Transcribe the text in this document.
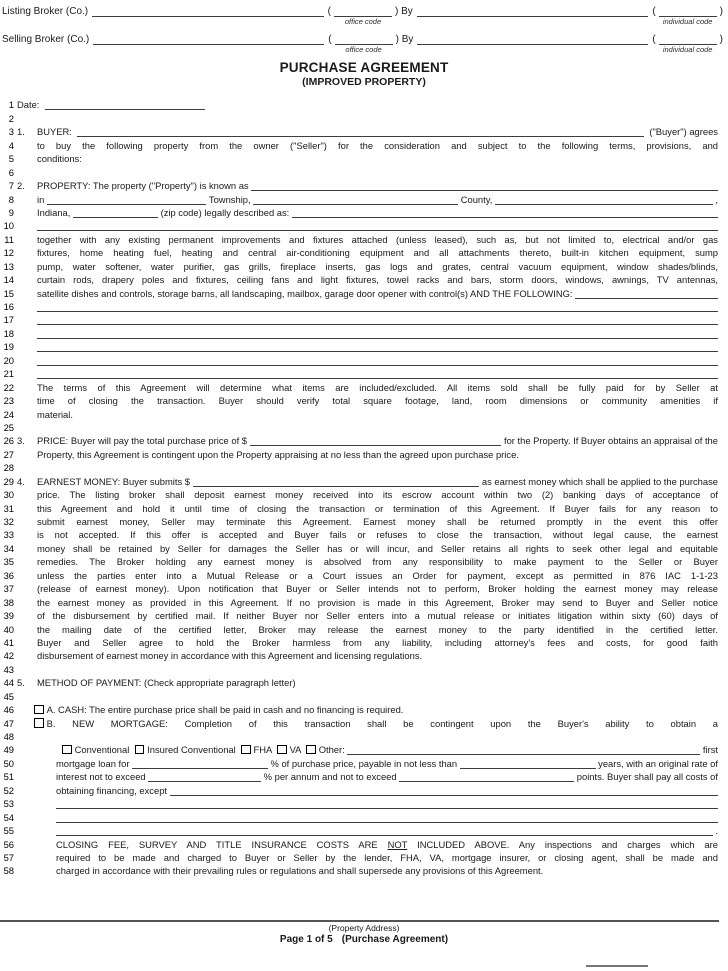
Listing Broker (Co.)	(
office code
)
By	(
individual code
)
Selling Broker (Co.)	(
office code
)
By	(
individual code
)
PURCHASE AGREEMENT
(IMPROVED PROPERTY)
1 Date:
2
3 1.	BUYER:	("Buyer") agrees
4	to buy the following property from the owner ("Seller") for the consideration and subject to the following terms, provisions, and
5	conditions:
6
7 2.	PROPERTY: The property ("Property") is known as
8 in	Township,	County,	,
9 Indiana,	(zip code) legally described as:
10
11	together with any existing permanent improvements and fixtures attached (unless leased), such as, but not limited to, electrical and/or gas
12	fixtures, home heating fuel, heating and central air-conditioning equipment and all attachments thereto, built-in kitchen equipment, sump
13	pump, water softener, water purifier, gas grills, fireplace inserts, gas logs and grates, central vacuum equipment, window shades/blinds,
14	curtain rods, drapery poles and fixtures, ceiling fans and light fixtures, towel racks and bars, storm doors, windows, awnings, TV antennas,
15 satellite dishes and controls, storage barns, all landscaping, mailbox, garage door opener with control(s) AND THE FOLLOWING:
16
17
18
19
20
21
22	The terms of this Agreement will determine what items are included/excluded. All items sold shall be fully paid for by Seller at
23	time of closing the transaction. Buyer should verify total square footage, land, room dimensions or community amenities if
24	material.
25
26 3.	PRICE: Buyer will pay the total purchase price of $	for the Property. If Buyer obtains an appraisal of the
27	Property, this Agreement is contingent upon the Property appraising at no less than the agreed upon purchase price.
28
29 4.	EARNEST MONEY: Buyer submits $	as earnest money which shall be applied to the purchase
30	price. The listing broker shall deposit earnest money received into its escrow account within two (2) banking days of acceptance of
31	this Agreement and hold it until time of closing the transaction or termination of this Agreement. If Buyer fails for any reason to
32	submit earnest money, Seller may terminate this Agreement. Earnest money shall be returned promptly in the event this offer
33	is not accepted. If this offer is accepted and Buyer fails or refuses to close the transaction, without legal cause, the earnest
34	money shall be retained by Seller for damages the Seller has or will incur, and Seller retains all rights to seek other legal and equitable
35	remedies. The Broker holding any earnest money is absolved from any responsibility to make payment to the Seller or Buyer
36	unless the parties enter into a Mutual Release or a Court issues an Order for payment, except as permitted in 876 IAC 1-1-23
37	(release of earnest money). Upon notification that Buyer or Seller intends not to perform, Broker holding the earnest money may release
38	the earnest money as provided in this Agreement. If no provision is made in this Agreement, Broker may send to Buyer and Seller notice
39	of the disbursement by certified mail. If neither Buyer nor Seller enters into a mutual release or initiates litigation within sixty (60) days of
40	the mailing date of the certified letter, Broker may release the earnest money to the party identified in the certified letter.
41	Buyer and Seller agree to hold the Broker harmless from any liability, including attorney's fees and costs, for good faith
42	disbursement of earnest money in accordance with this Agreement and licensing regulations.
43
44 5. METHOD OF PAYMENT: (Check appropriate paragraph letter)
45
46	A. CASH: The entire purchase price shall be paid in cash and no financing is required.
47	B. NEW MORTGAGE: Completion of this transaction shall be contingent upon the Buyer's ability to obtain a
48
49	Conventional Insured Conventional FHA VA Other:	first
50	mortgage loan for	% of purchase price, payable in not less than	years, with an original rate of
51	interest not to exceed	% per annum and not to exceed	points. Buyer shall pay all costs of
52	obtaining financing, except
53
54
55	.
56	CLOSING FEE, SURVEY AND TITLE INSURANCE COSTS ARE NOT INCLUDED ABOVE. Any inspections and charges which are
57	required to be made and charged to Buyer or Seller by the lender, FHA, VA, mortgage insurer, or closing agent, shall be made and
58	charged in accordance with their prevailing rules or regulations and shall supersede any provisions of this Agreement.
(Property Address)
Page 1 of 5 (Purchase Agreement)
